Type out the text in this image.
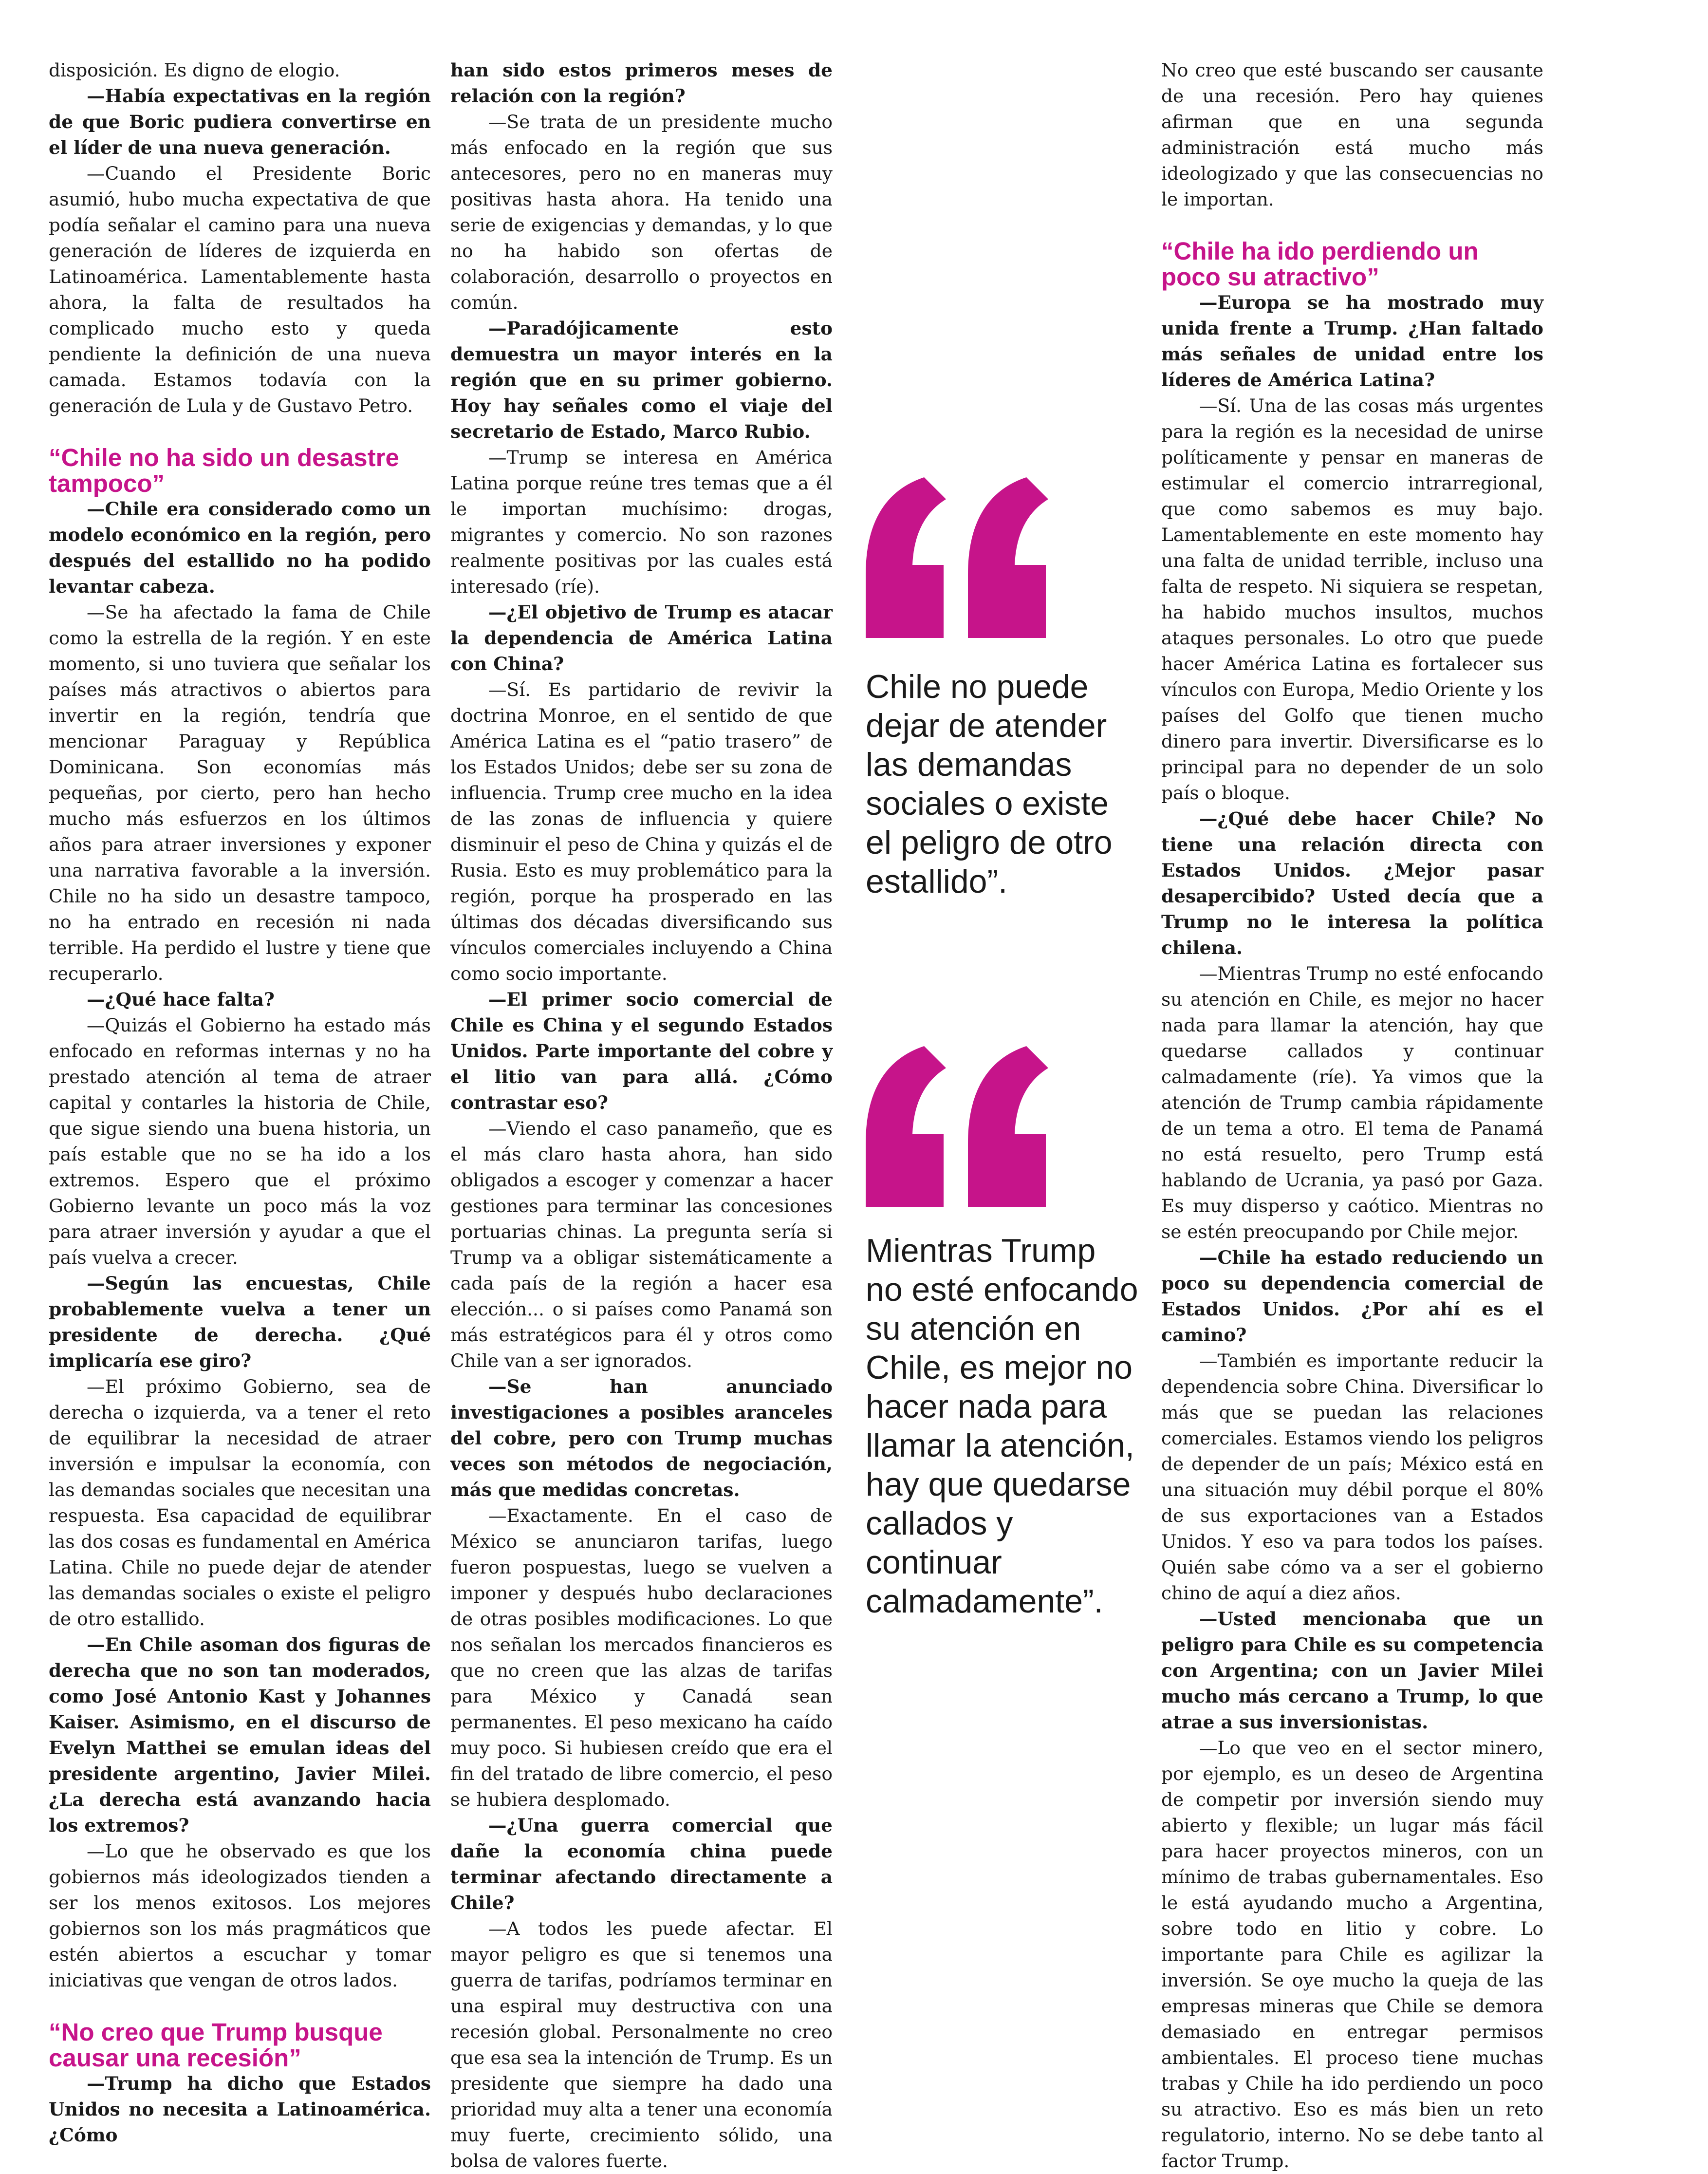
disposición. Es digno de elogio.

—Había expectativas en la región de que Boric pudiera convertirse en el líder de una nueva generación.

—Cuando el Presidente Boric asumió, hubo mucha expectativa de que podía señalar el camino para una nueva generación de líderes de izquierda en Latinoamérica. Lamentablemente hasta ahora, la falta de resultados ha complicado mucho esto y queda pendiente la definición de una nueva camada. Estamos todavía con la generación de Lula y de Gustavo Petro.

“Chile no ha sido un desastre tampoco”

—Chile era considerado como un modelo económico en la región, pero después del estallido no ha podido levantar cabeza.

—Se ha afectado la fama de Chile como la estrella de la región. Y en este momento, si uno tuviera que señalar los países más atractivos o abiertos para invertir en la región, tendría que mencionar Paraguay y República Dominicana. Son economías más pequeñas, por cierto, pero han hecho mucho más esfuerzos en los últimos años para atraer inversiones y exponer una narrativa favorable a la inversión. Chile no ha sido un desastre tampoco, no ha entrado en recesión ni nada terrible. Ha perdido el lustre y tiene que recuperarlo.

—¿Qué hace falta?

—Quizás el Gobierno ha estado más enfocado en reformas internas y no ha prestado atención al tema de atraer capital y contarles la historia de Chile, que sigue siendo una buena historia, un país estable que no se ha ido a los extremos. Espero que el próximo Gobierno levante un poco más la voz para atraer inversión y ayudar a que el país vuelva a crecer.

—Según las encuestas, Chile probablemente vuelva a tener un presidente de derecha. ¿Qué implicaría ese giro?

—El próximo Gobierno, sea de derecha o izquierda, va a tener el reto de equilibrar la necesidad de atraer inversión e impulsar la economía, con las demandas sociales que necesitan una respuesta. Esa capacidad de equilibrar las dos cosas es fundamental en América Latina. Chile no puede dejar de atender las demandas sociales o existe el peligro de otro estallido.

—En Chile asoman dos figuras de derecha que no son tan moderados, como José Antonio Kast y Johannes Kaiser. Asimismo, en el discurso de Evelyn Matthei se emulan ideas del presidente argentino, Javier Milei. ¿La derecha está avanzando hacia los extremos?

—Lo que he observado es que los gobiernos más ideologizados tienden a ser los menos exitosos. Los mejores gobiernos son los más pragmáticos que estén abiertos a escuchar y tomar iniciativas que vengan de otros lados.

“No creo que Trump busque causar una recesión”

—Trump ha dicho que Estados Unidos no necesita a Latinoamérica. ¿Cómo

han sido estos primeros meses de relación con la región?

—Se trata de un presidente mucho más enfocado en la región que sus antecesores, pero no en maneras muy positivas hasta ahora. Ha tenido una serie de exigencias y demandas, y lo que no ha habido son ofertas de colaboración, desarrollo o proyectos en común.

—Paradójicamente esto demuestra un mayor interés en la región que en su primer gobierno. Hoy hay señales como el viaje del secretario de Estado, Marco Rubio.

—Trump se interesa en América Latina porque reúne tres temas que a él le importan muchísimo: drogas, migrantes y comercio. No son razones realmente positivas por las cuales está interesado (ríe).

—¿El objetivo de Trump es atacar la dependencia de América Latina con China?

—Sí. Es partidario de revivir la doctrina Monroe, en el sentido de que América Latina es el “patio trasero” de los Estados Unidos; debe ser su zona de influencia. Trump cree mucho en la idea de las zonas de influencia y quiere disminuir el peso de China y quizás el de Rusia. Esto es muy problemático para la región, porque ha prosperado en las últimas dos décadas diversificando sus vínculos comerciales incluyendo a China como socio importante.

—El primer socio comercial de Chile es China y el segundo Estados Unidos. Parte importante del cobre y el litio van para allá. ¿Cómo contrastar eso?

—Viendo el caso panameño, que es el más claro hasta ahora, han sido obligados a escoger y comenzar a hacer gestiones para terminar las concesiones portuarias chinas. La pregunta sería si Trump va a obligar sistemáticamente a cada país de la región a hacer esa elección... o si países como Panamá son más estratégicos para él y otros como Chile van a ser ignorados.

—Se han anunciado investigaciones a posibles aranceles del cobre, pero con Trump muchas veces son métodos de negociación, más que medidas concretas.

—Exactamente. En el caso de México se anunciaron tarifas, luego fueron pospuestas, luego se vuelven a imponer y después hubo declaraciones de otras posibles modificaciones. Lo que nos señalan los mercados financieros es que no creen que las alzas de tarifas para México y Canadá sean permanentes. El peso mexicano ha caído muy poco. Si hubiesen creído que era el fin del tratado de libre comercio, el peso se hubiera desplomado.

—¿Una guerra comercial que dañe la economía china puede terminar afectando directamente a Chile?

—A todos les puede afectar. El mayor peligro es que si tenemos una guerra de tarifas, podríamos terminar en una espiral muy destructiva con una recesión global. Personalmente no creo que esa sea la intención de Trump. Es un presidente que siempre ha dado una prioridad muy alta a tener una economía muy fuerte, crecimiento sólido, una bolsa de valores fuerte.

Chile no puede dejar de atender las demandas sociales o existe el peligro de otro estallido”.
Mientras Trump no esté enfocando su atención en Chile, es mejor no hacer nada para llamar la atención, hay que quedarse callados y continuar calmadamente”.

No creo que esté buscando ser causante de una recesión. Pero hay quienes afirman que en una segunda administración está mucho más ideologizado y que las consecuencias no le importan.

“Chile ha ido perdiendo un poco su atractivo”

—Europa se ha mostrado muy unida frente a Trump. ¿Han faltado más señales de unidad entre los líderes de América Latina?

—Sí. Una de las cosas más urgentes para la región es la necesidad de unirse políticamente y pensar en maneras de estimular el comercio intrarregional, que como sabemos es muy bajo. Lamentablemente en este momento hay una falta de unidad terrible, incluso una falta de respeto. Ni siquiera se respetan, ha habido muchos insultos, muchos ataques personales. Lo otro que puede hacer América Latina es fortalecer sus vínculos con Europa, Medio Oriente y los países del Golfo que tienen mucho dinero para invertir. Diversificarse es lo principal para no depender de un solo país o bloque.

—¿Qué debe hacer Chile? No tiene una relación directa con Estados Unidos. ¿Mejor pasar desapercibido? Usted decía que a Trump no le interesa la política chilena.

—Mientras Trump no esté enfocando su atención en Chile, es mejor no hacer nada para llamar la atención, hay que quedarse callados y continuar calmadamente (ríe). Ya vimos que la atención de Trump cambia rápidamente de un tema a otro. El tema de Panamá no está resuelto, pero Trump está hablando de Ucrania, ya pasó por Gaza. Es muy disperso y caótico. Mientras no se estén preocupando por Chile mejor.

—Chile ha estado reduciendo un poco su dependencia comercial de Estados Unidos. ¿Por ahí es el camino?

—También es importante reducir la dependencia sobre China. Diversificar lo más que se puedan las relaciones comerciales. Estamos viendo los peligros de depender de un país; México está en una situación muy débil porque el 80% de sus exportaciones van a Estados Unidos. Y eso va para todos los países. Quién sabe cómo va a ser el gobierno chino de aquí a diez años.

—Usted mencionaba que un peligro para Chile es su competencia con Argentina; con un Javier Milei mucho más cercano a Trump, lo que atrae a sus inversionistas.

—Lo que veo en el sector minero, por ejemplo, es un deseo de Argentina de competir por inversión siendo muy abierto y flexible; un lugar más fácil para hacer proyectos mineros, con un mínimo de trabas gubernamentales. Eso le está ayudando mucho a Argentina, sobre todo en litio y cobre. Lo importante para Chile es agilizar la inversión. Se oye mucho la queja de las empresas mineras que Chile se demora demasiado en entregar permisos ambientales. El proceso tiene muchas trabas y Chile ha ido perdiendo un poco su atractivo. Eso es más bien un reto regulatorio, interno. No se debe tanto al factor Trump.
